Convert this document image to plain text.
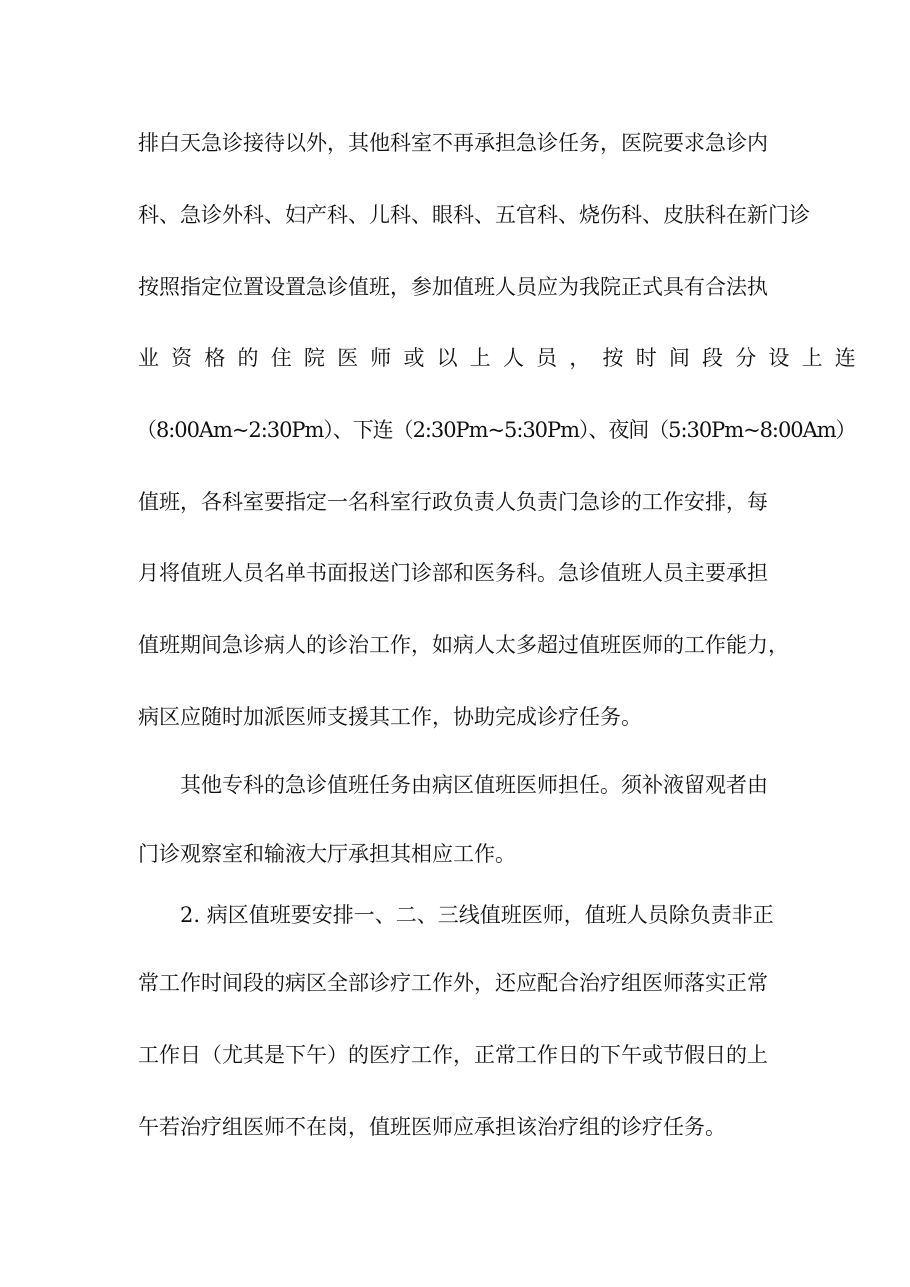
排白天急诊接待以外，其他科室不再承担急诊任务，医院要求急诊内
科、急诊外科、妇产科、儿科、眼科、五官科、烧伤科、皮肤科在新门诊
按照指定位置设置急诊值班，参加值班人员应为我院正式具有合法执
业资格的住院医师或以上人员，按时间段分设上连
（8:00Am~2:30Pm）、下连（2:30Pm~5:30Pm）、夜间（5:30Pm~8:00Am）
值班，各科室要指定一名科室行政负责人负责门急诊的工作安排，每
月将值班人员名单书面报送门诊部和医务科。急诊值班人员主要承担
值班期间急诊病人的诊治工作，如病人太多超过值班医师的工作能力，
病区应随时加派医师支援其工作，协助完成诊疗任务。
其他专科的急诊值班任务由病区值班医师担任。须补液留观者由
门诊观察室和输液大厅承担其相应工作。
2. 病区值班要安排一、二、三线值班医师，值班人员除负责非正
常工作时间段的病区全部诊疗工作外，还应配合治疗组医师落实正常
工作日（尤其是下午）的医疗工作，正常工作日的下午或节假日的上
午若治疗组医师不在岗，值班医师应承担该治疗组的诊疗任务。
